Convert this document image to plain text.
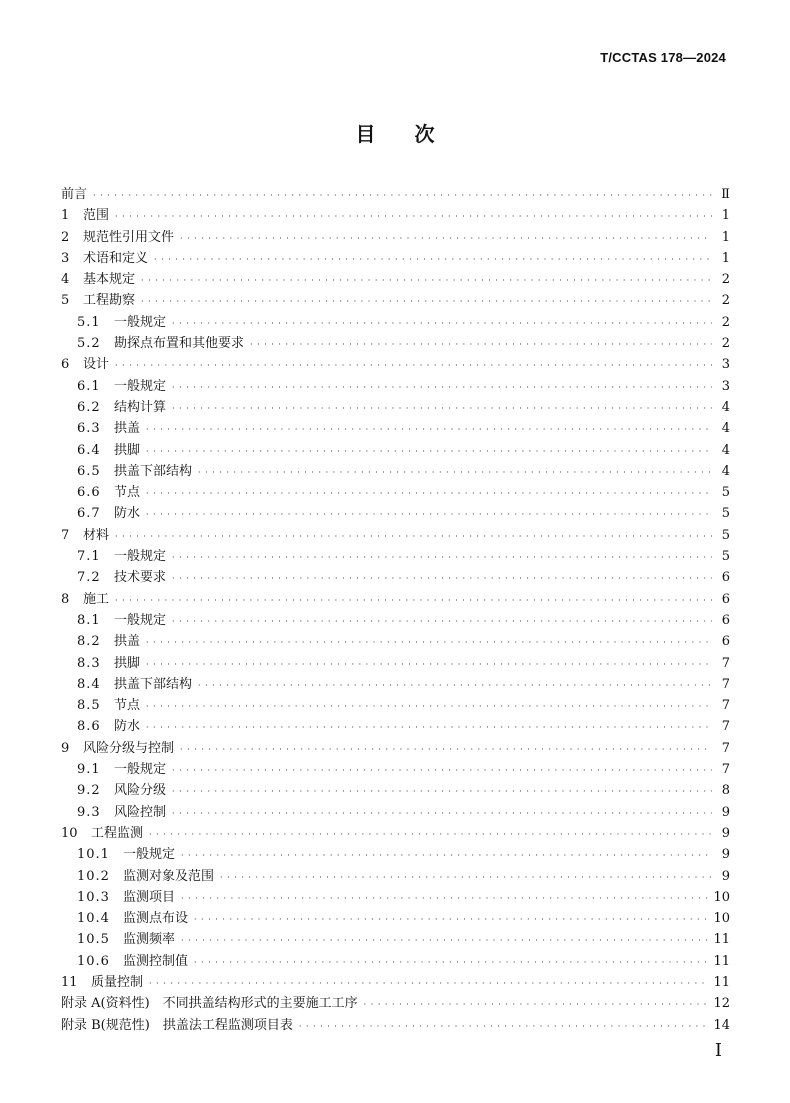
T/CCTAS 178—2024
目 次
前言 · · ·	Ⅱ
1	范围 · · ·	1
2	规范性引用文件 · · ·	1
3	术语和定义 · · ·	1
4	基本规定 · · ·	2
5	工程勘察 · · ·	2
5.1	一般规定 · · ·	2
5.2	勘探点布置和其他要求 · · ·	2
6	设计 · · ·	3
6.1	一般规定 · · ·	3
6.2	结构计算 · · ·	4
6.3	拱盖 · · ·	4
6.4	拱脚 · · ·	4
6.5	拱盖下部结构 · · ·	4
6.6	节点 · · ·	5
6.7	防水 · · ·	5
7	材料 · · ·	5
7.1	一般规定 · · ·	5
7.2	技术要求 · · ·	6
8	施工 · · ·	6
8.1	一般规定 · · ·	6
8.2	拱盖 · · ·	6
8.3	拱脚 · · ·	7
8.4	拱盖下部结构 · · ·	7
8.5	节点 · · ·	7
8.6	防水 · · ·	7
9	风险分级与控制 · · ·	7
9.1	一般规定 · · ·	7
9.2	风险分级 · · ·	8
9.3	风险控制 · · ·	9
10	工程监测 · · ·	9
10.1	一般规定 · · ·	9
10.2	监测对象及范围 · · ·	9
10.3	监测项目 · · ·	10
10.4	监测点布设 · · ·	10
10.5	监测频率 · · ·	11
10.6	监测控制值 · · ·	11
11	质量控制 · · ·	11
附录 A(资料性)　不同拱盖结构形式的主要施工工序 · · ·	12
附录 B(规范性)　拱盖法工程监测项目表 · · ·	14
Ⅰ
